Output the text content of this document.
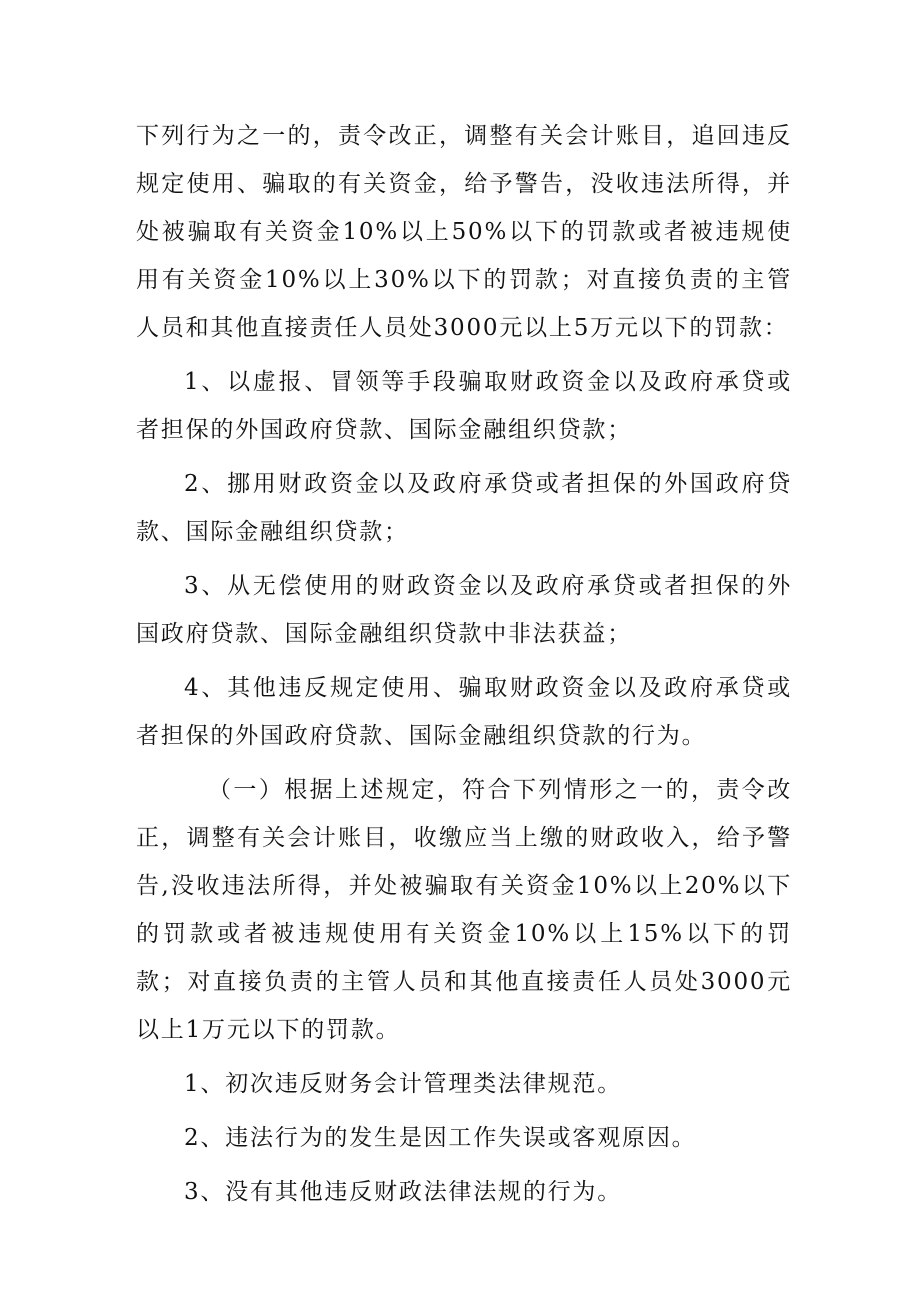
下列行为之一的，责令改正，调整有关会计账目，追回违反规定使用、骗取的有关资金，给予警告，没收违法所得，并处被骗取有关资金10%以上50%以下的罚款或者被违规使用有关资金10%以上30%以下的罚款；对直接负责的主管人员和其他直接责任人员处3000元以上5万元以下的罚款：

1、以虚报、冒领等手段骗取财政资金以及政府承贷或者担保的外国政府贷款、国际金融组织贷款；

2、挪用财政资金以及政府承贷或者担保的外国政府贷款、国际金融组织贷款；

3、从无偿使用的财政资金以及政府承贷或者担保的外国政府贷款、国际金融组织贷款中非法获益；

4、其他违反规定使用、骗取财政资金以及政府承贷或者担保的外国政府贷款、国际金融组织贷款的行为。

（一）根据上述规定，符合下列情形之一的，责令改正，调整有关会计账目，收缴应当上缴的财政收入，给予警告,没收违法所得，并处被骗取有关资金10%以上20%以下的罚款或者被违规使用有关资金10%以上15%以下的罚款；对直接负责的主管人员和其他直接责任人员处3000元以上1万元以下的罚款。

1、初次违反财务会计管理类法律规范。

2、违法行为的发生是因工作失误或客观原因。

3、没有其他违反财政法律法规的行为。
